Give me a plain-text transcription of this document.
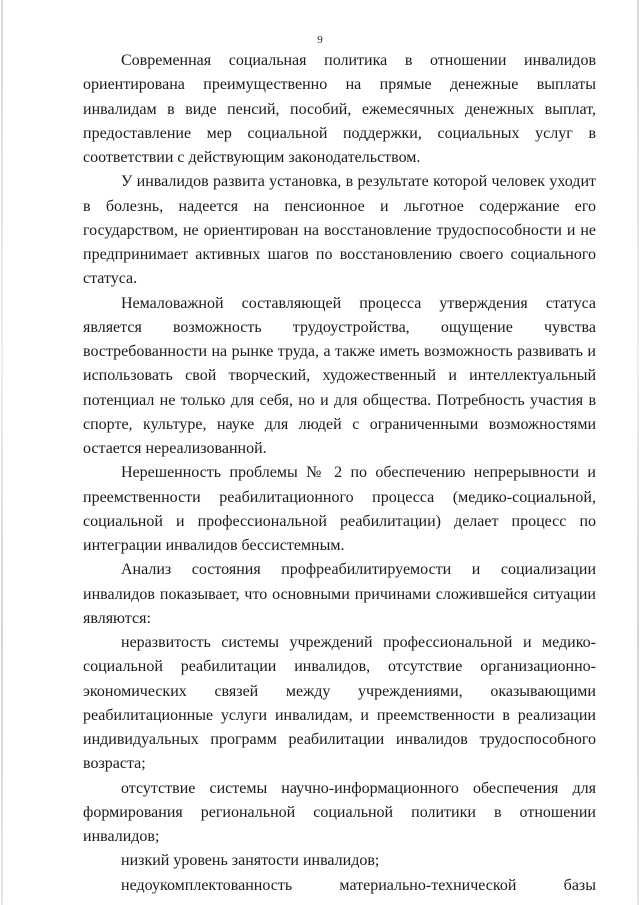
9

Современная социальная политика в отношении инвалидов ориентирована преимущественно на прямые денежные выплаты инвалидам в виде пенсий, пособий, ежемесячных денежных выплат, предоставление мер социальной поддержки, социальных услуг в соответствии с действующим законодательством.

У инвалидов развита установка, в результате которой человек уходит в болезнь, надеется на пенсионное и льготное содержание его государством, не ориентирован на восстановление трудоспособности и не предпринимает активных шагов по восстановлению своего социального статуса.

Немаловажной составляющей процесса утверждения статуса является возможность трудоустройства, ощущение чувства востребованности на рынке труда, а также иметь возможность развивать и использовать свой творческий, художественный и интеллектуальный потенциал не только для себя, но и для общества. Потребность участия в спорте, культуре, науке для людей с ограниченными возможностями остается нереализованной.

Нерешенность проблемы № 2 по обеспечению непрерывности и преемственности реабилитационного процесса (медико-социальной, социальной и профессиональной реабилитации) делает процесс по интеграции инвалидов бессистемным.

Анализ состояния профреабилитируемости и социализации инвалидов показывает, что основными причинами сложившейся ситуации являются:

неразвитость системы учреждений профессиональной и медико-социальной реабилитации инвалидов, отсутствие организационно-экономических связей между учреждениями, оказывающими реабилитационные услуги инвалидам, и преемственности в реализации индивидуальных программ реабилитации инвалидов трудоспособного возраста;

отсутствие системы научно-информационного обеспечения для формирования региональной социальной политики в отношении инвалидов;

низкий уровень занятости инвалидов;

недоукомплектованность материально-технической базы
